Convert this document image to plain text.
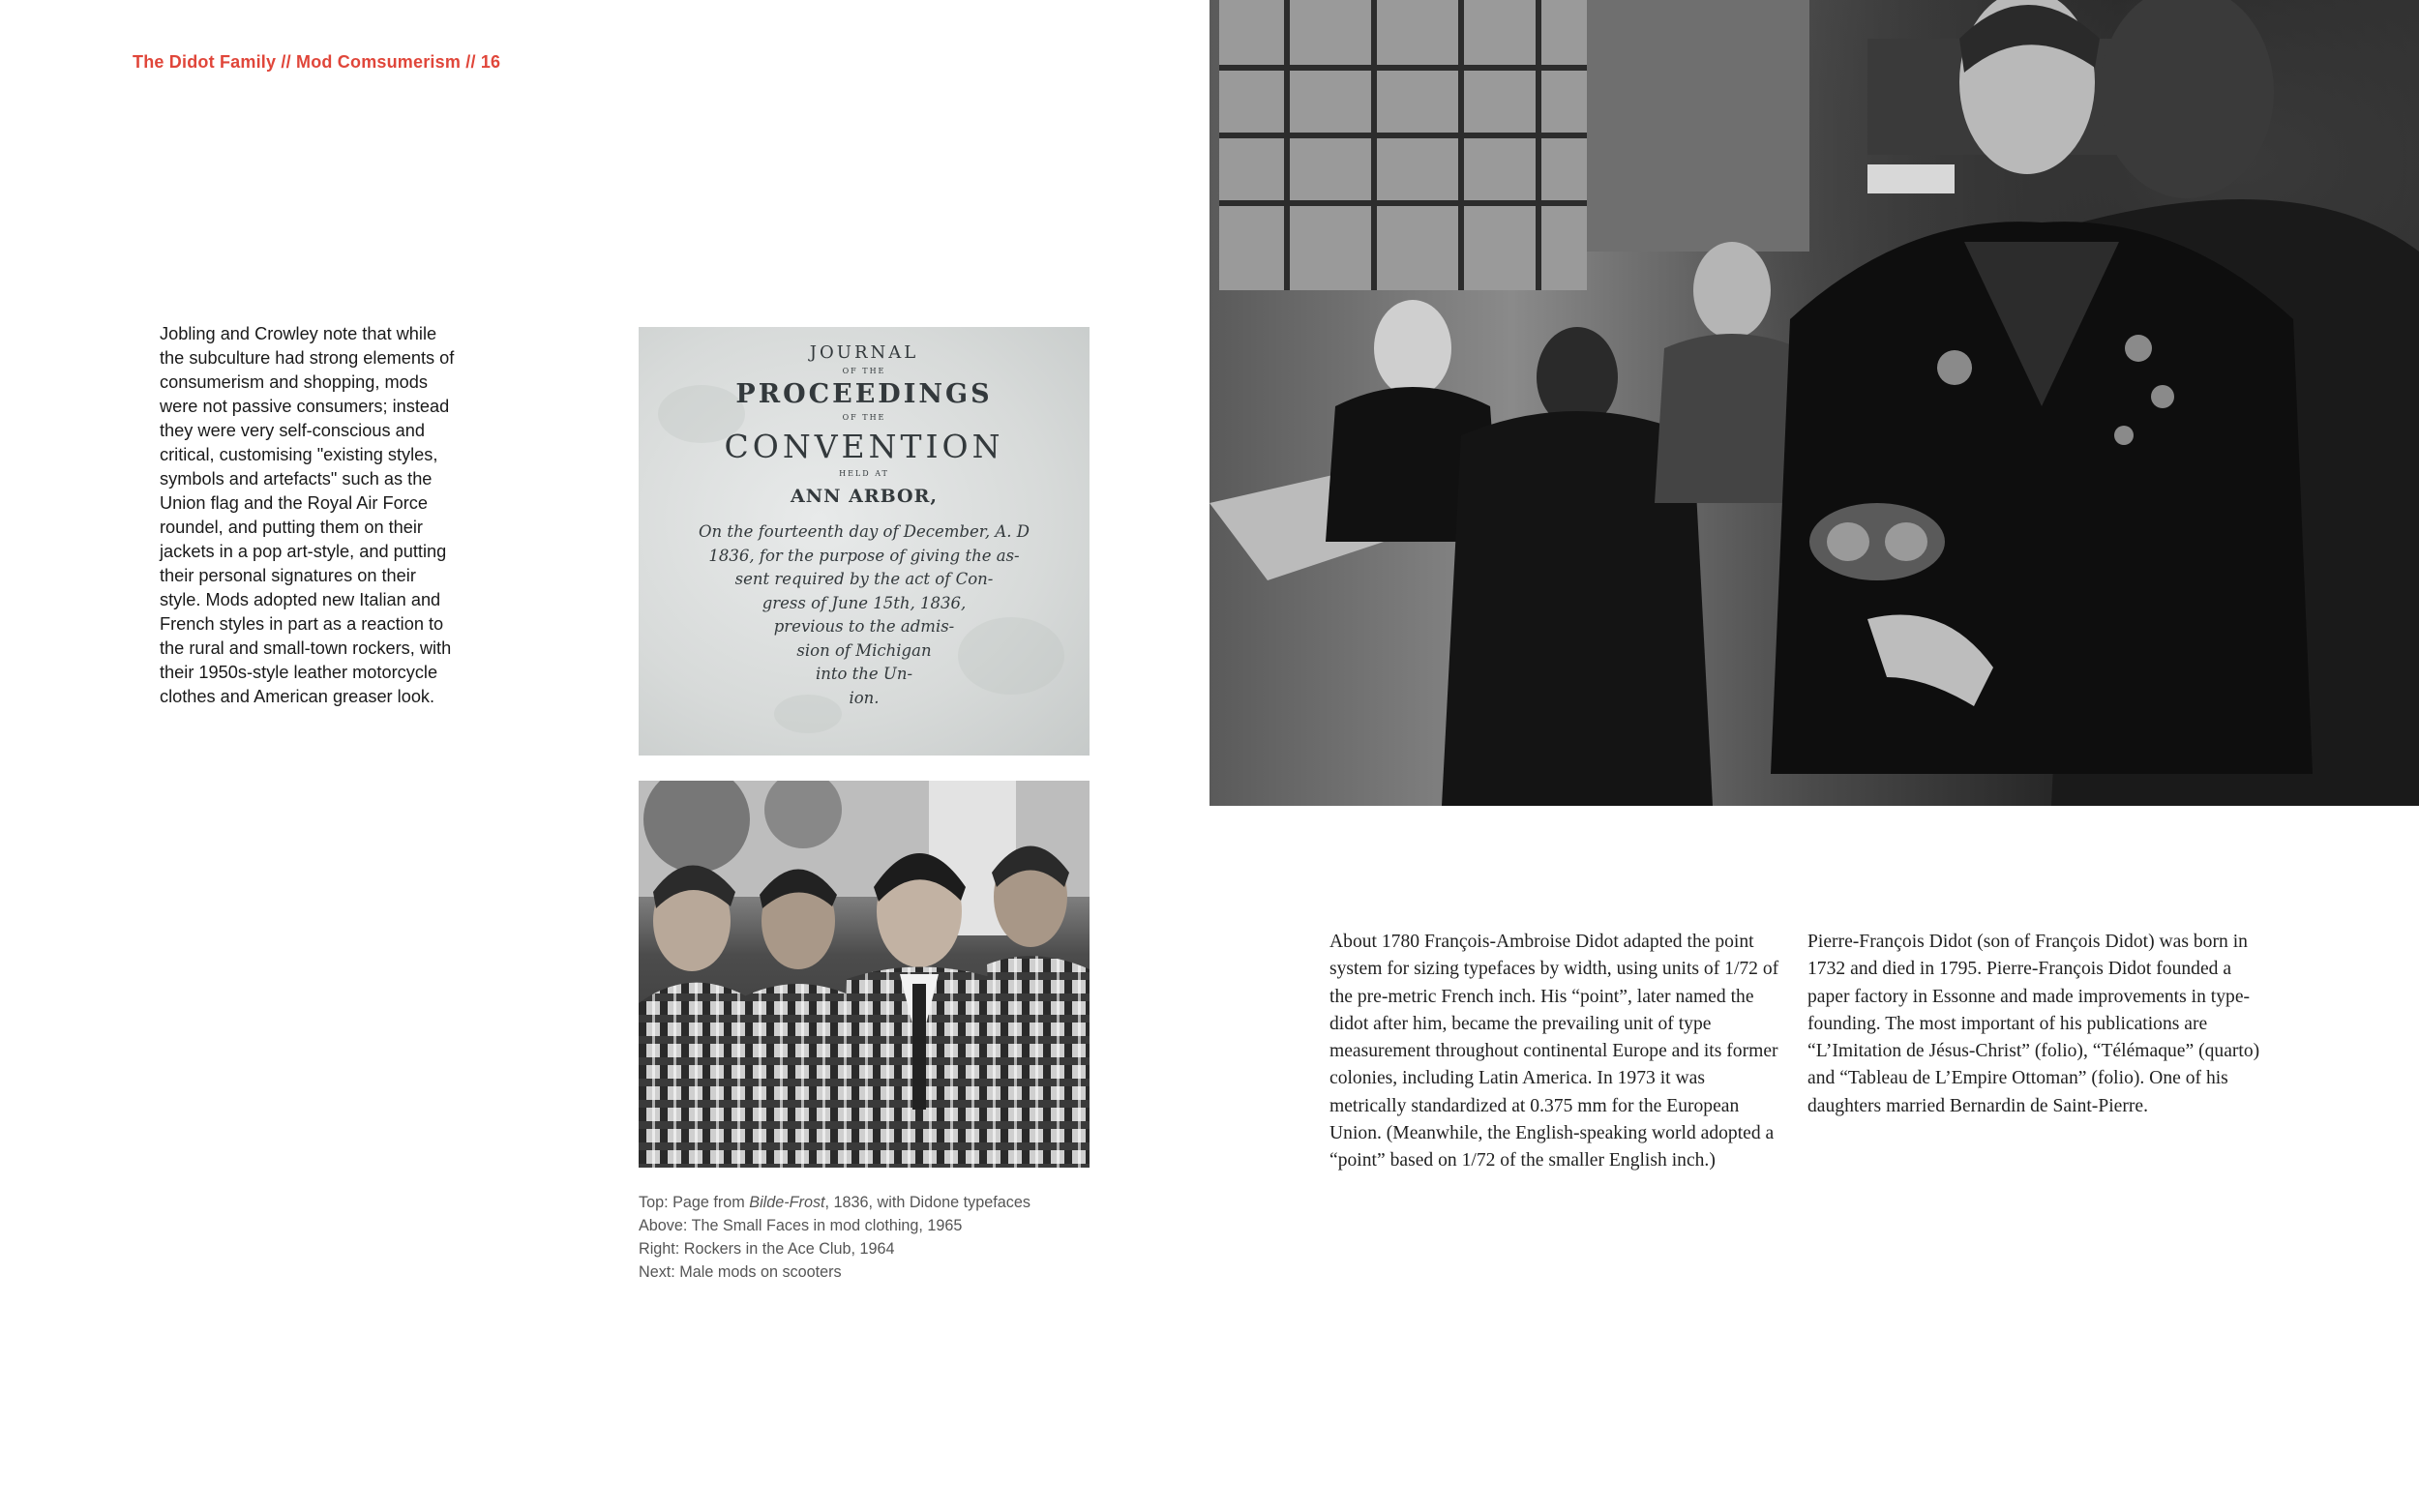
The Didot Family // Mod Comsumerism // 16

Jobling and Crowley note that while the subculture had strong elements of consumerism and shopping, mods were not passive consumers; instead they were very self-conscious and critical, customising "existing styles, symbols and artefacts" such as the Union flag and the Royal Air Force roundel, and putting them on their jackets in a pop art-style, and putting their personal signatures on their style. Mods adopted new Italian and French styles in part as a reaction to the rural and small-town rockers, with their 1950s-style leather motorcycle clothes and American greaser look.

JOURNAL
OF THE
PROCEEDINGS
OF THE
CONVENTION
HELD AT
ANN ARBOR,
On the fourteenth day of December, A. D
1836, for the purpose of giving the as-
sent required by the act of Con-
gress of June 15th, 1836,
previous to the admis-
sion of Michigan
into the Un-
ion.
Top: Page from Bilde-Frost, 1836, with Didone typefaces
Above: The Small Faces in mod clothing, 1965
Right: Rockers in the Ace Club, 1964
Next: Male mods on scooters

About 1780 François-Ambroise Didot adapted the point system for sizing typefaces by width, using units of 1/72 of the pre-metric French inch. His “point”, later named the didot after him, became the prevailing unit of type measurement throughout continental Europe and its former colonies, including Latin America. In 1973 it was metrically standardized at 0.375 mm for the European Union. (Meanwhile, the English-speaking world adopted a “point” based on 1/72 of the smaller English inch.)

Pierre-François Didot (son of François Didot) was born in 1732 and died in 1795. Pierre-François Didot founded a paper factory in Essonne and made improvements in type-founding. The most important of his publications are “L’Imitation de Jésus-Christ” (folio), “Télémaque” (quarto) and “Tableau de L’Empire Ottoman” (folio). One of his daughters married Bernardin de Saint-Pierre.
